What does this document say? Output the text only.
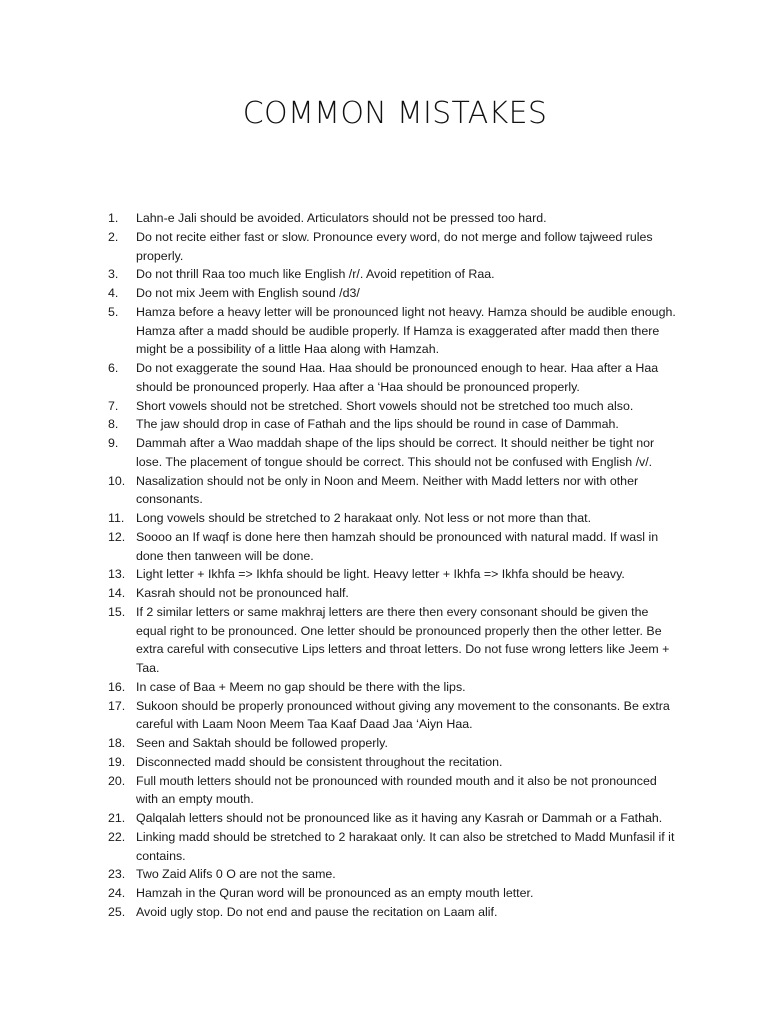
COMMON MISTAKES
1.	Lahn-e Jali should be avoided. Articulators should not be pressed too hard.
2.	Do not recite either fast or slow. Pronounce every word, do not merge and follow tajweed rules properly.
3.	Do not thrill Raa too much like English /r/. Avoid repetition of Raa.
4.	Do not mix Jeem with English sound /d3/
5.	Hamza before a heavy letter will be pronounced light not heavy. Hamza should be audible enough. Hamza after a madd should be audible properly. If Hamza is exaggerated after madd then there might be a possibility of a little Haa along with Hamzah.
6.	Do not exaggerate the sound Haa. Haa should be pronounced enough to hear. Haa after a Haa should be pronounced properly. Haa after a ‘Haa should be pronounced properly.
7.	Short vowels should not be stretched. Short vowels should not be stretched too much also.
8.	The jaw should drop in case of Fathah and the lips should be round in case of Dammah.
9.	Dammah after a Wao maddah shape of the lips should be correct. It should neither be tight nor lose. The placement of tongue should be correct. This should not be confused with English /v/.
10. Nasalization should not be only in Noon and Meem. Neither with Madd letters nor with other consonants.
11. Long vowels should be stretched to 2 harakaat only. Not less or not more than that.
12. Soooo an If waqf is done here then hamzah should be pronounced with natural madd. If wasl in done then tanween will be done.
13. Light letter + Ikhfa => Ikhfa should be light. Heavy letter + Ikhfa => Ikhfa should be heavy.
14. Kasrah should not be pronounced half.
15. If 2 similar letters or same makhraj letters are there then every consonant should be given the equal right to be pronounced. One letter should be pronounced properly then the other letter. Be extra careful with consecutive Lips letters and throat letters. Do not fuse wrong letters like Jeem + Taa.
16. In case of Baa + Meem no gap should be there with the lips.
17. Sukoon should be properly pronounced without giving any movement to the consonants. Be extra careful with Laam Noon Meem Taa Kaaf Daad Jaa ‘Aiyn Haa.
18. Seen and Saktah should be followed properly.
19. Disconnected madd should be consistent throughout the recitation.
20. Full mouth letters should not be pronounced with rounded mouth and it also be not pronounced with an empty mouth.
21. Qalqalah letters should not be pronounced like as it having any Kasrah or Dammah or a Fathah.
22. Linking madd should be stretched to 2 harakaat only. It can also be stretched to Madd Munfasil if it contains.
23. Two Zaid Alifs 0 O are not the same.
24. Hamzah in the Quran word will be pronounced as an empty mouth letter.
25. Avoid ugly stop. Do not end and pause the recitation on Laam alif.
